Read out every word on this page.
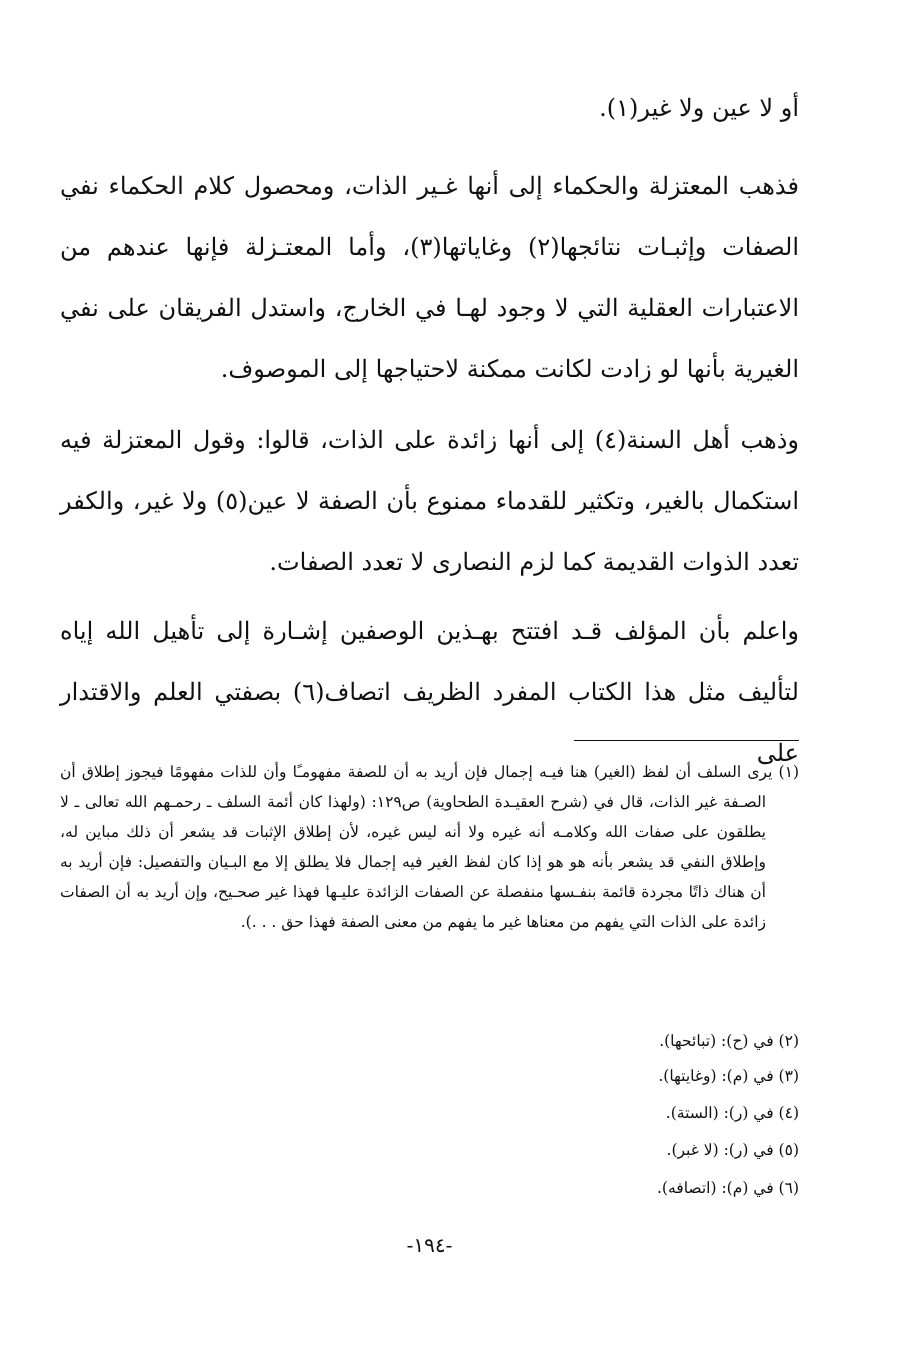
أو لا عين ولا غير(١).

فذهب المعتزلة والحكماء إلى أنها غـير الذات، ومحصول كلام الحكماء نفي الصفات وإثبـات نتائجها(٢) وغاياتها(٣)، وأما المعتـزلة فإنها عندهم من الاعتبارات العقلية التي لا وجود لهـا في الخارج، واستدل الفريقان على نفي الغيرية بأنها لو زادت لكانت ممكنة لاحتياجها إلى الموصوف.

وذهب أهل السنة(٤) إلى أنها زائدة على الذات، قالوا: وقول المعتزلة فيه استكمال بالغير، وتكثير للقدماء ممنوع بأن الصفة لا عين(٥) ولا غير، والكفر تعدد الذوات القديمة كما لزم النصارى لا تعدد الصفات.

واعلم بأن المؤلف قـد افتتح بهـذين الوصفين إشـارة إلى تأهيل الله إياه لتأليف مثل هذا الكتاب المفرد الظريف اتصاف(٦) بصفتي العلم والاقتدار على

(١) يرى السلف أن لفظ (الغير) هنا فيـه إجمال فإن أريد به أن للصفة مفهومـًا وأن للذات مفهومًا فيجوز إطلاق أن الصـفة غير الذات، قال في (شرح العقيـدة الطحاوية) ص١٢٩: (ولهذا كان أئمة السلف ـ رحمـهم الله تعالى ـ لا يطلقون على صفات الله وكلامـه أنه غيره ولا أنه ليس غيره، لأن إطلاق الإثبات قد يشعر أن ذلك مباين له، وإطلاق النفي قد يشعر بأنه هو هو إذا كان لفظ الغير فيه إجمال فلا يطلق إلا مع البـيان والتفصيل: فإن أريد به أن هناك ذاتًا مجردة قائمة بنفـسها منفصلة عن الصفات الزائدة عليـها فهذا غير صحـيح، وإن أريد به أن الصفات زائدة على الذات التي يفهم من معناها غير ما يفهم من معنى الصفة فهذا حق . . .).

(٢) في (ح): (تبائحها).

(٣) في (م): (وغايتها).

(٤) في (ر): (الستة).

(٥) في (ر): (لا غبر).

(٦) في (م): (اتصافه).

-١٩٤-
